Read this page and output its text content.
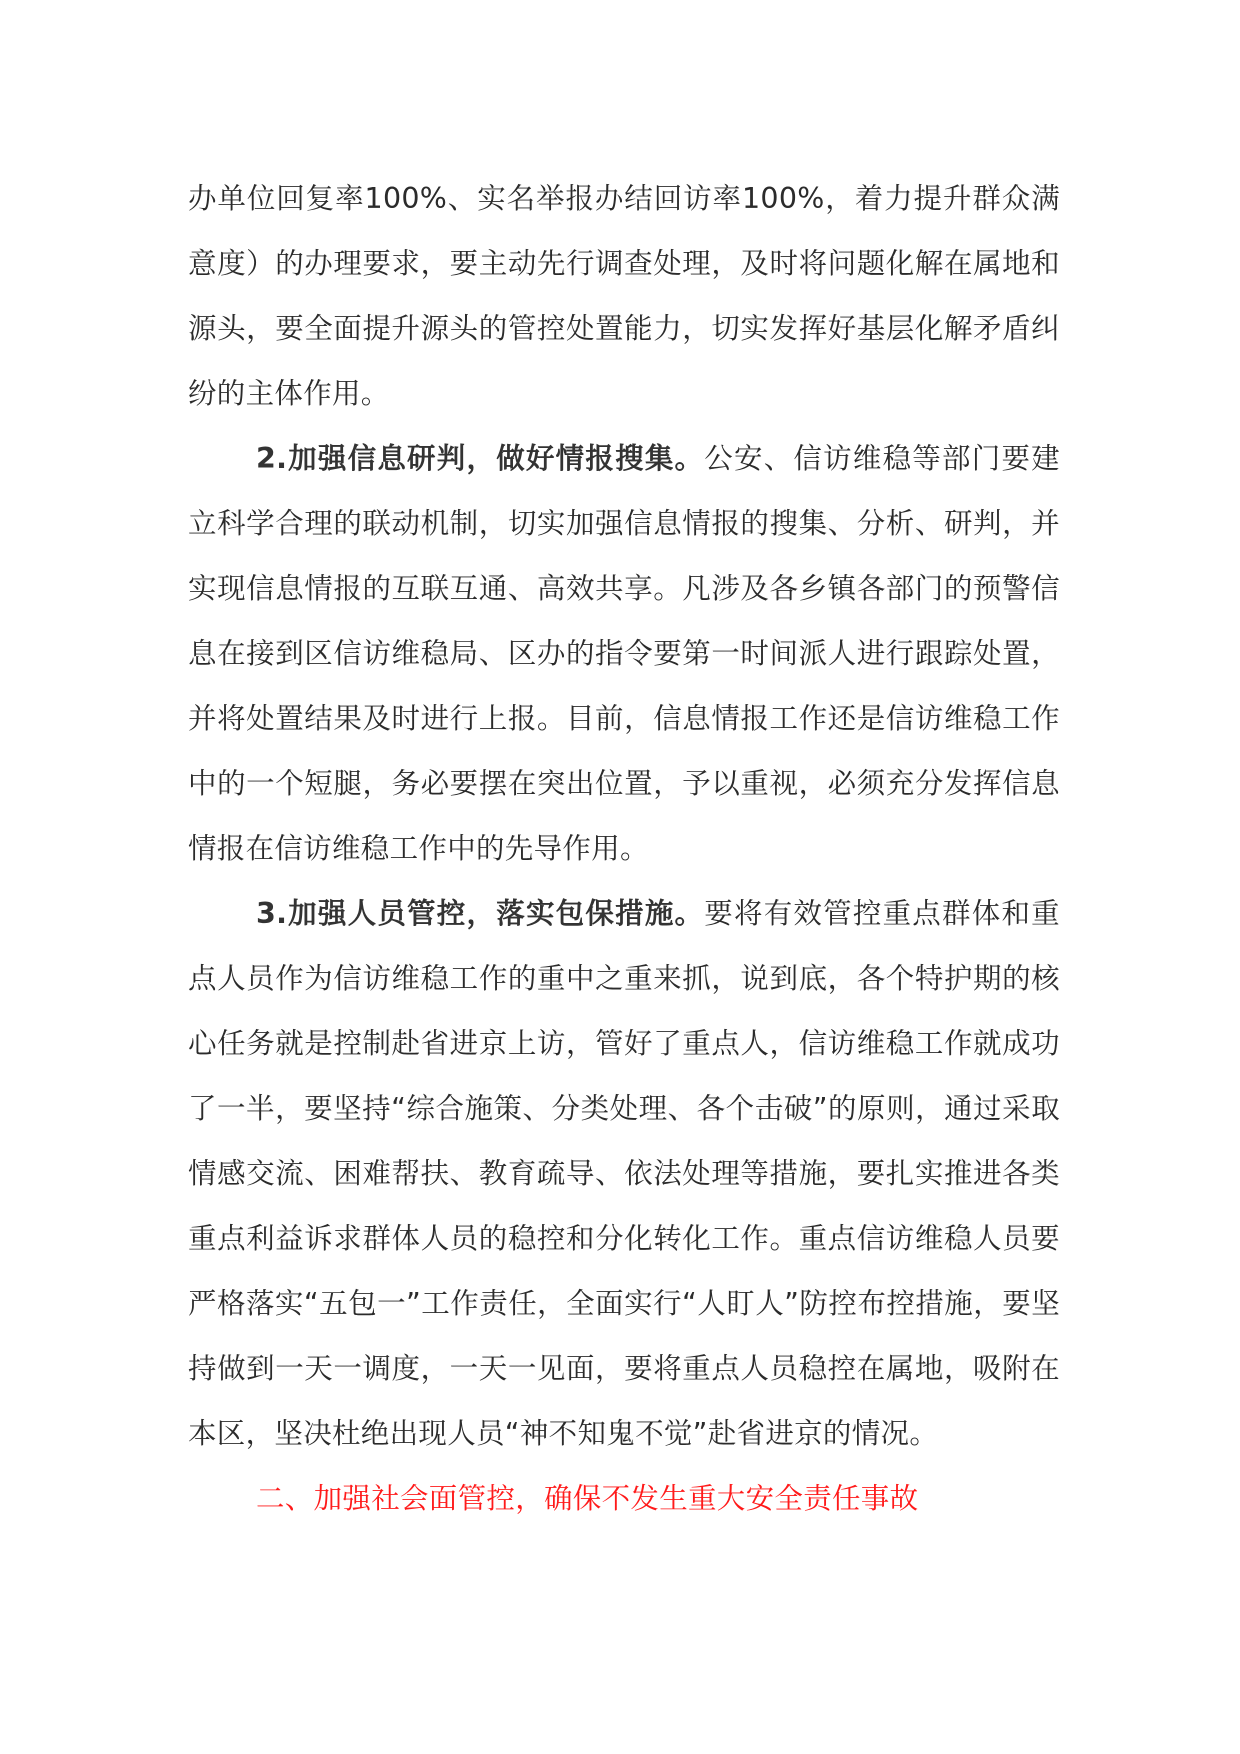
办单位回复率100%、实名举报办结回访率100%，着力提升群众满意度）的办理要求，要主动先行调查处理，及时将问题化解在属地和源头，要全面提升源头的管控处置能力，切实发挥好基层化解矛盾纠纷的主体作用。

2.加强信息研判，做好情报搜集。公安、信访维稳等部门要建立科学合理的联动机制，切实加强信息情报的搜集、分析、研判，并实现信息情报的互联互通、高效共享。凡涉及各乡镇各部门的预警信息在接到区信访维稳局、区办的指令要第一时间派人进行跟踪处置，并将处置结果及时进行上报。目前，信息情报工作还是信访维稳工作中的一个短腿，务必要摆在突出位置，予以重视，必须充分发挥信息情报在信访维稳工作中的先导作用。

3.加强人员管控，落实包保措施。要将有效管控重点群体和重点人员作为信访维稳工作的重中之重来抓，说到底，各个特护期的核心任务就是控制赴省进京上访，管好了重点人，信访维稳工作就成功了一半，要坚持“综合施策、分类处理、各个击破”的原则，通过采取情感交流、困难帮扶、教育疏导、依法处理等措施，要扎实推进各类重点利益诉求群体人员的稳控和分化转化工作。重点信访维稳人员要严格落实“五包一”工作责任，全面实行“人盯人”防控布控措施，要坚持做到一天一调度，一天一见面，要将重点人员稳控在属地，吸附在本区，坚决杜绝出现人员“神不知鬼不觉”赴省进京的情况。

二、加强社会面管控，确保不发生重大安全责任事故
